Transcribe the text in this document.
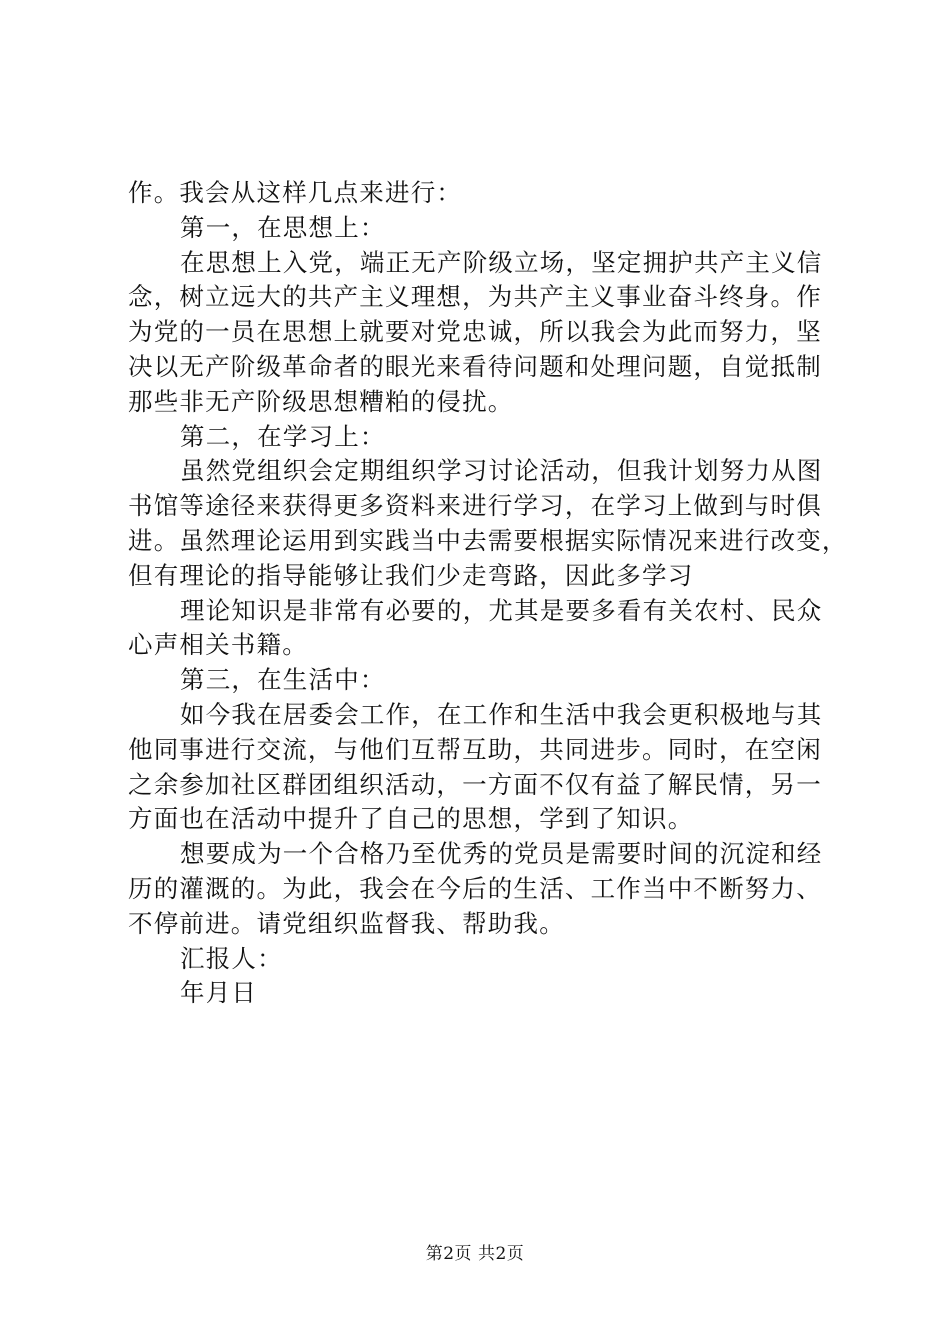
作。我会从这样几点来进行：

第一，在思想上：

在思想上入党，端正无产阶级立场，坚定拥护共产主义信

念，树立远大的共产主义理想，为共产主义事业奋斗终身。作

为党的一员在思想上就要对党忠诚，所以我会为此而努力，坚

决以无产阶级革命者的眼光来看待问题和处理问题，自觉抵制

那些非无产阶级思想糟粕的侵扰。

第二，在学习上：

虽然党组织会定期组织学习讨论活动，但我计划努力从图

书馆等途径来获得更多资料来进行学习，在学习上做到与时俱

进。虽然理论运用到实践当中去需要根据实际情况来进行改变，

但有理论的指导能够让我们少走弯路，因此多学习

理论知识是非常有必要的，尤其是要多看有关农村、民众

心声相关书籍。

第三，在生活中：

如今我在居委会工作，在工作和生活中我会更积极地与其

他同事进行交流，与他们互帮互助，共同进步。同时，在空闲

之余参加社区群团组织活动，一方面不仅有益了解民情，另一

方面也在活动中提升了自己的思想，学到了知识。

想要成为一个合格乃至优秀的党员是需要时间的沉淀和经

历的灌溉的。为此，我会在今后的生活、工作当中不断努力、

不停前进。请党组织监督我、帮助我。

汇报人：

年月日

第2页 共2页
